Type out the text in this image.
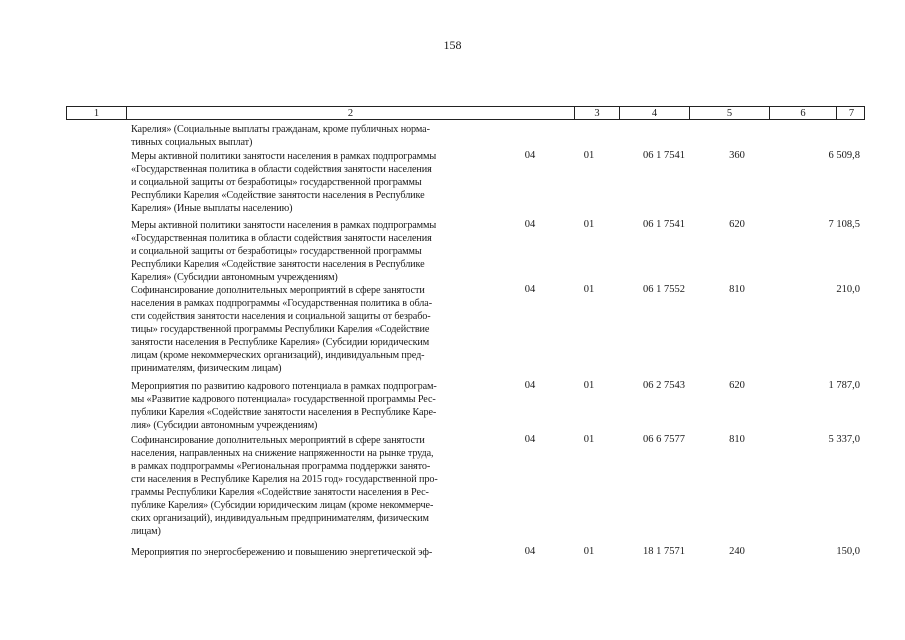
158
1	2	3	4	5	6	7
Карелия» (Социальные выплаты гражданам, кроме публичных норма-
тивных социальных выплат)
Меры активной политики занятости населения в рамках подпрограммы
«Государственная политика в области содействия занятости населения
и социальной защиты от безработицы» государственной программы
Республики Карелия «Содействие занятости населения в Республике
Карелия» (Иные выплаты населению)
04	01	06 1 7541	360	6 509,8
Меры активной политики занятости населения в рамках подпрограммы
«Государственная политика в области содействия занятости населения
и социальной защиты от безработицы» государственной программы
Республики Карелия «Содействие занятости населения в Республике
Карелия» (Субсидии автономным учреждениям)
04	01	06 1 7541	620	7 108,5
Софинансирование дополнительных мероприятий в сфере занятости
населения в рамках подпрограммы «Государственная политика в обла-
сти содействия занятости населения и социальной защиты от безрабо-
тицы» государственной программы Республики Карелия «Содействие
занятости населения в Республике Карелия» (Субсидии юридическим
лицам (кроме некоммерческих организаций), индивидуальным пред-
принимателям, физическим лицам)
04	01	06 1 7552	810	210,0
Мероприятия по развитию кадрового потенциала в рамках подпрограм-
мы «Развитие кадрового потенциала» государственной программы Рес-
публики Карелия «Содействие занятости населения в Республике Каре-
лия» (Субсидии автономным учреждениям)
04	01	06 2 7543	620	1 787,0
Софинансирование дополнительных мероприятий в сфере занятости
населения, направленных на снижение напряженности на рынке труда,
в рамках подпрограммы «Региональная программа поддержки занято-
сти населения в Республике Карелия на 2015 год» государственной про-
граммы Республики Карелия «Содействие занятости населения в Рес-
публике Карелия» (Субсидии юридическим лицам (кроме некоммерче-
ских организаций), индивидуальным предпринимателям, физическим
лицам)
04	01	06 6 7577	810	5 337,0
Мероприятия по энергосбережению и повышению энергетической эф-	04	01	18 1 7571	240	150,0
